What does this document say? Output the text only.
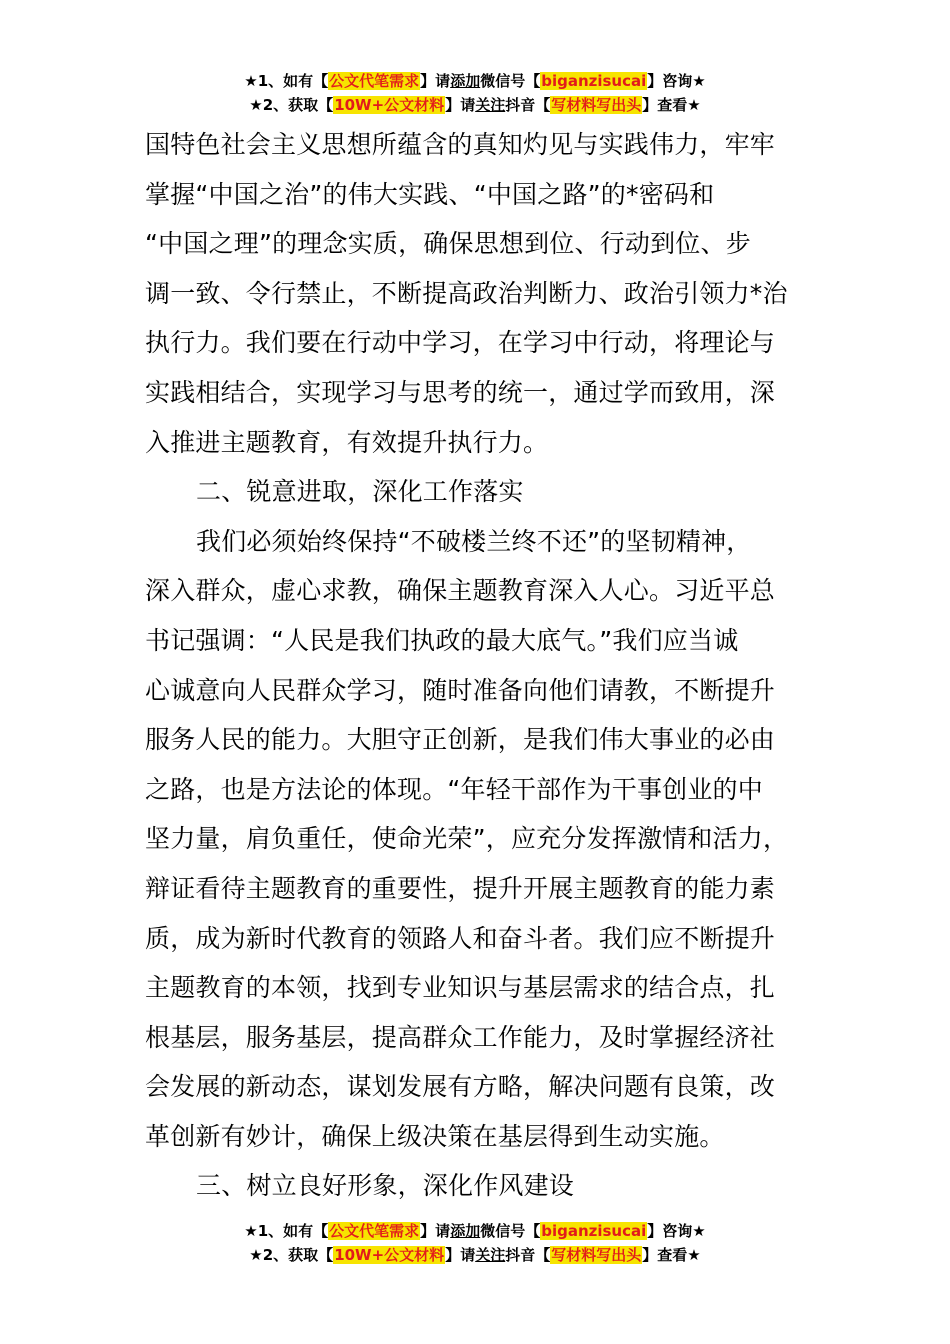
★1、如有【公文代笔需求】请添加微信号【biganzisucai】咨询★
★2、获取【10W+公文材料】请关注抖音【写材料写出头】查看★

国特色社会主义思想所蕴含的真知灼见与实践伟力，牢牢

掌握“中国之治”的伟大实践、“中国之路”的*密码和

“中国之理”的理念实质，确保思想到位、行动到位、步

调一致、令行禁止，不断提高政治判断力、政治引领力*治

执行力。我们要在行动中学习，在学习中行动，将理论与

实践相结合，实现学习与思考的统一，通过学而致用，深

入推进主题教育，有效提升执行力。

二、锐意进取，深化工作落实

我们必须始终保持“不破楼兰终不还”的坚韧精神，

深入群众，虚心求教，确保主题教育深入人心。习近平总

书记强调：“人民是我们执政的最大底气。”我们应当诚

心诚意向人民群众学习，随时准备向他们请教，不断提升

服务人民的能力。大胆守正创新，是我们伟大事业的必由

之路，也是方法论的体现。“年轻干部作为干事创业的中

坚力量，肩负重任，使命光荣”，应充分发挥激情和活力，

辩证看待主题教育的重要性，提升开展主题教育的能力素

质，成为新时代教育的领路人和奋斗者。我们应不断提升

主题教育的本领，找到专业知识与基层需求的结合点，扎

根基层，服务基层，提高群众工作能力，及时掌握经济社

会发展的新动态，谋划发展有方略，解决问题有良策，改

革创新有妙计，确保上级决策在基层得到生动实施。

三、树立良好形象，深化作风建设

★1、如有【公文代笔需求】请添加微信号【biganzisucai】咨询★
★2、获取【10W+公文材料】请关注抖音【写材料写出头】查看★
